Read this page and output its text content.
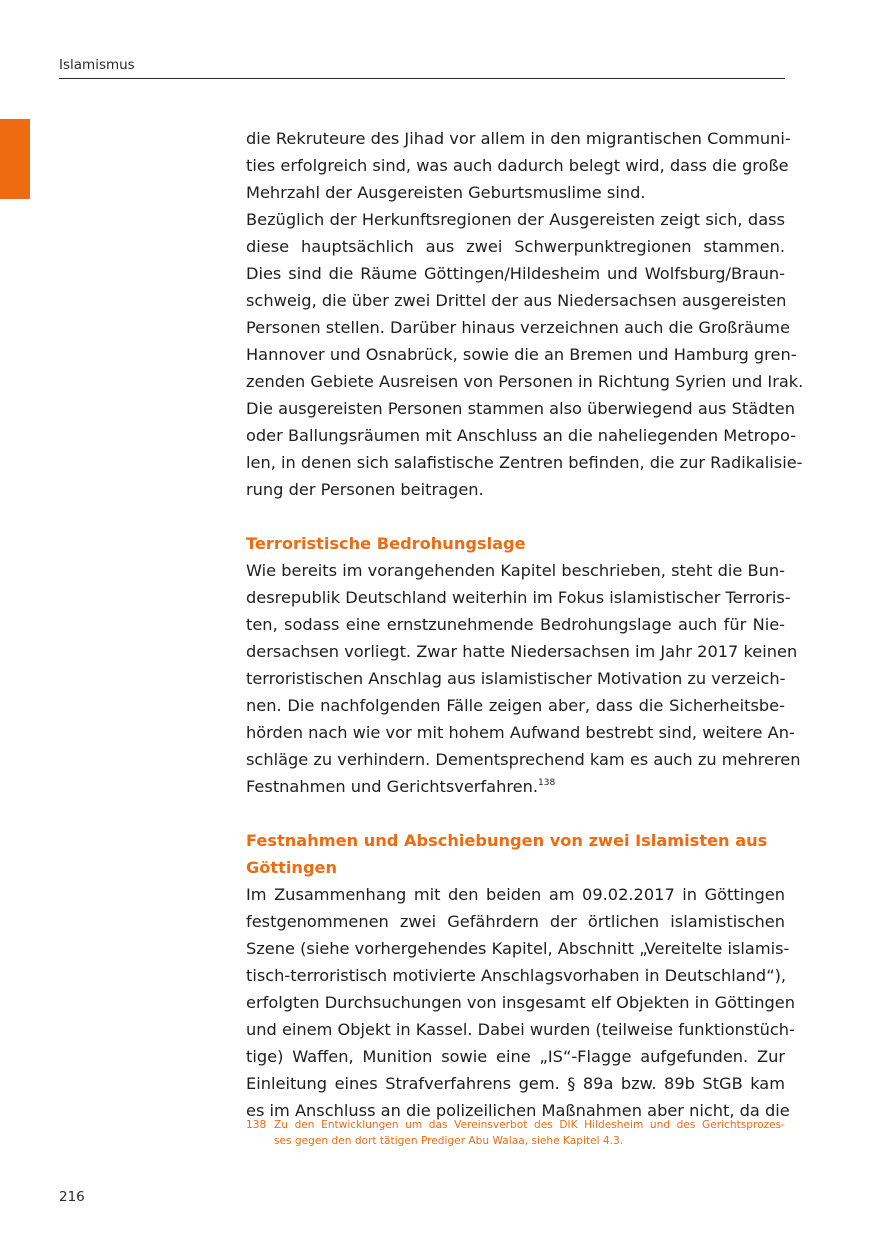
Islamismus

die Rekruteure des Jihad vor allem in den migrantischen Communi-
ties erfolgreich sind, was auch dadurch belegt wird, dass die große
Mehrzahl der Ausgereisten Geburtsmuslime sind.

Bezüglich der Herkunftsregionen der Ausgereisten zeigt sich, dass
diese hauptsächlich aus zwei Schwerpunktregionen stammen.
Dies sind die Räume Göttingen/Hildesheim und Wolfsburg/Braun-
schweig, die über zwei Drittel der aus Niedersachsen ausgereisten
Personen stellen. Darüber hinaus verzeichnen auch die Großräume
Hannover und Osnabrück, sowie die an Bremen und Hamburg gren-
zenden Gebiete Ausreisen von Personen in Richtung Syrien und Irak.
Die ausgereisten Personen stammen also überwiegend aus Städten
oder Ballungsräumen mit Anschluss an die naheliegenden Metropo-
len, in denen sich salafistische Zentren befinden, die zur Radikalisie-
rung der Personen beitragen.

Terroristische Bedrohungslage

Wie bereits im vorangehenden Kapitel beschrieben, steht die Bun-
desrepublik Deutschland weiterhin im Fokus islamistischer Terroris-
ten, sodass eine ernstzunehmende Bedrohungslage auch für Nie-
dersachsen vorliegt. Zwar hatte Niedersachsen im Jahr 2017 keinen
terroristischen Anschlag aus islamistischer Motivation zu verzeich-
nen. Die nachfolgenden Fälle zeigen aber, dass die Sicherheitsbe-
hörden nach wie vor mit hohem Aufwand bestrebt sind, weitere An-
schläge zu verhindern. Dementsprechend kam es auch zu mehreren

Festnahmen und Gerichtsverfahren.$^{138}$

Festnahmen und Abschiebungen von zwei Islamisten aus Göttingen

Im Zusammenhang mit den beiden am 09.02.2017 in Göttingen
festgenommenen zwei Gefährdern der örtlichen islamistischen
Szene (siehe vorhergehendes Kapitel, Abschnitt „Vereitelte islamis-
tisch-terroristisch motivierte Anschlagsvorhaben in Deutschland“),
erfolgten Durchsuchungen von insgesamt elf Objekten in Göttingen
und einem Objekt in Kassel. Dabei wurden (teilweise funktionstüch-
tige) Waffen, Munition sowie eine „IS“-Flagge aufgefunden. Zur
Einleitung eines Strafverfahrens gem. § 89a bzw. 89b StGB kam
es im Anschluss an die polizeilichen Maßnahmen aber nicht, da die

138 Zu den Entwicklungen um das Vereinsverbot des DIK Hildesheim und des Gerichtsprozes-
ses gegen den dort tätigen Prediger Abu Walaa, siehe Kapitel 4.3.
216
